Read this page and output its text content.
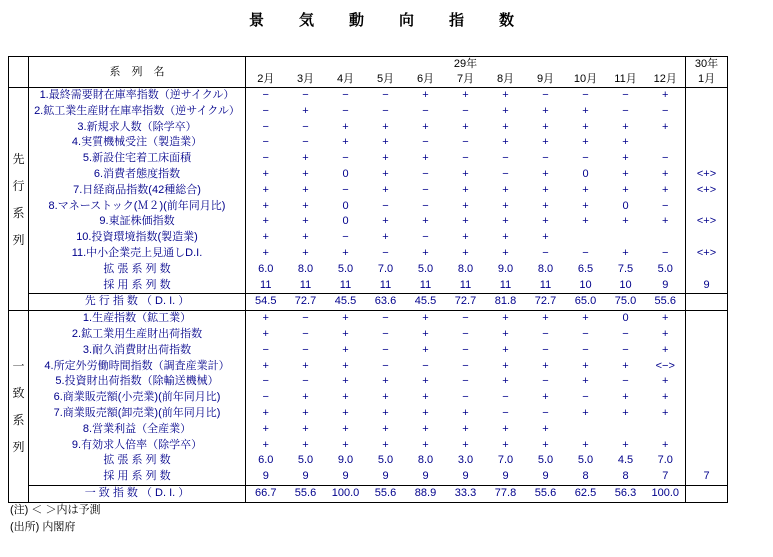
景　気　動　向　指　数
	系　列　名	29年											30年
		2月	3月	4月	5月	6月	7月	8月	9月	10月	11月	12月	1月

先
行
系
列	1.最終需要財在庫率指数（逆サイクル）	−	−	−	−	+	+	+	−	−	−	+	
	2.鉱工業生産財在庫率指数（逆サイクル）	−	+	−	−	−	−	+	+	+	−	−	
	3.新規求人数（除学卒）	−	−	+	+	+	+	+	+	+	+	+	
	4.実質機械受注（製造業）	−	−	+	+	−	−	+	+	+	+		
	5.新設住宅着工床面積	−	+	−	+	+	−	−	−	−	+	−	
	6.消費者態度指数	+	+	0	+	−	+	−	+	0	+	+	<+>
	7.日経商品指数(42種総合)	+	+	−	+	−	+	+	+	+	+	+	<+>
	8.マネーストック(Ｍ２)(前年同月比)	+	+	0	−	−	+	+	+	+	0	−	
	9.東証株価指数	+	+	0	+	+	+	+	+	+	+	+	<+>
	10.投資環境指数(製造業)	+	+	−	+	−	+	+	+				
	11.中小企業売上見通しD.I.	+	+	+	−	+	+	+	−	−	+	−	<+>
	拡 張 系 列 数	6.0	8.0	5.0	7.0	5.0	8.0	9.0	8.0	6.5	7.5	5.0	
	採 用 系 列 数	11	11	11	11	11	11	11	11	10	10	9	9
	先 行 指 数 （ D. I. ）	54.5	72.7	45.5	63.6	45.5	72.7	81.8	72.7	65.0	75.0	55.6	

一
致
系
列	1.生産指数（鉱工業）	+	−	+	−	+	−	+	+	+	0	+	
	2.鉱工業用生産財出荷指数	+	−	+	−	+	−	+	−	−	−	+	
	3.耐久消費財出荷指数	−	−	+	−	+	−	+	−	−	−	+	
	4.所定外労働時間指数（調査産業計）	+	+	+	−	−	−	+	+	+	+	<−>	
	5.投資財出荷指数（除輸送機械）	−	−	+	+	+	−	+	−	+	−	+	
	6.商業販売額(小売業)(前年同月比)	−	+	+	+	+	−	−	+	−	+	+	
	7.商業販売額(卸売業)(前年同月比)	+	+	+	+	+	+	−	−	+	+	+	
	8.営業利益（全産業）	+	+	+	+	+	+	+	+				
	9.有効求人倍率（除学卒）	+	+	+	+	+	+	+	+	+	+	+	
	拡 張 系 列 数	6.0	5.0	9.0	5.0	8.0	3.0	7.0	5.0	5.0	4.5	7.0	
	採 用 系 列 数	9	9	9	9	9	9	9	9	8	8	7	7
	一 致 指 数 （ D. I. ）	66.7	55.6	100.0	55.6	88.9	33.3	77.8	55.6	62.5	56.3	100.0	
(注) ＜ ＞内は予測
(出所) 内閣府
